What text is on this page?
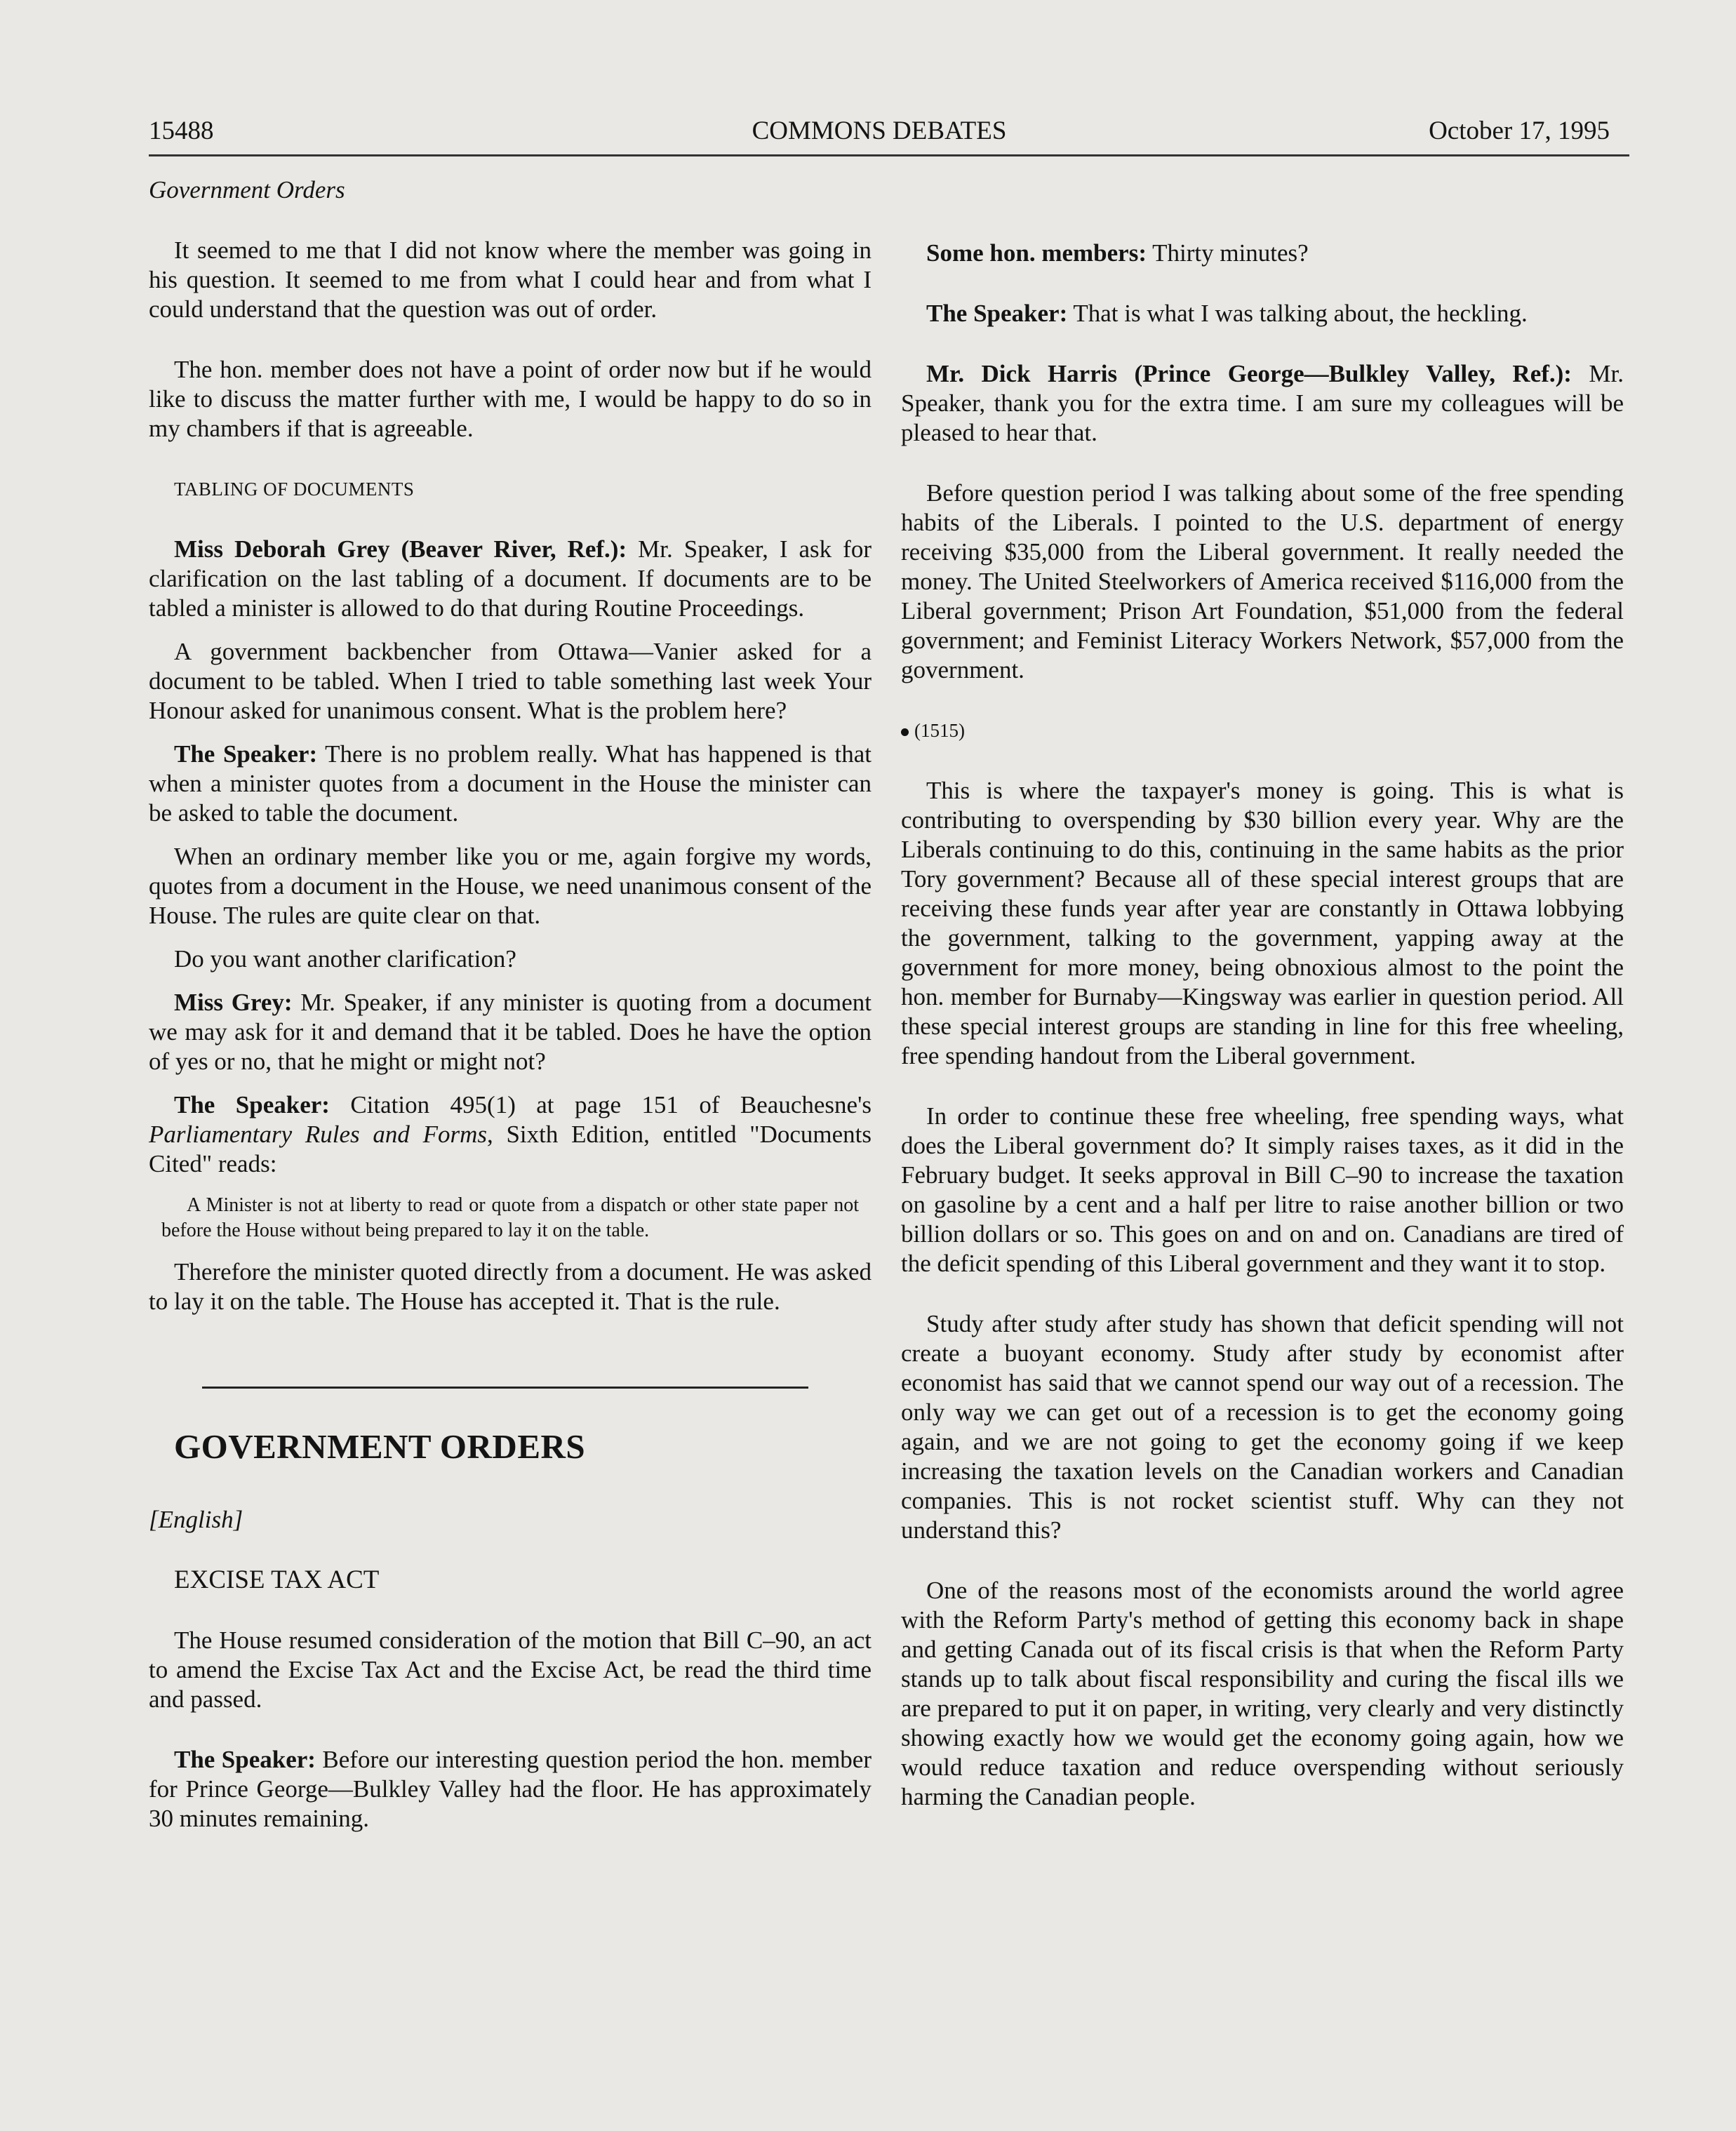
15488	COMMONS DEBATES	October 17, 1995

Government Orders

It seemed to me that I did not know where the member was going in his question. It seemed to me from what I could hear and from what I could understand that the question was out of order.

The hon. member does not have a point of order now but if he would like to discuss the matter further with me, I would be happy to do so in my chambers if that is agreeable.

TABLING OF DOCUMENTS

Miss Deborah Grey (Beaver River, Ref.): Mr. Speaker, I ask for clarification on the last tabling of a document. If documents are to be tabled a minister is allowed to do that during Routine Proceedings.

A government backbencher from Ottawa—Vanier asked for a document to be tabled. When I tried to table something last week Your Honour asked for unanimous consent. What is the problem here?

The Speaker: There is no problem really. What has happened is that when a minister quotes from a document in the House the minister can be asked to table the document.

When an ordinary member like you or me, again forgive my words, quotes from a document in the House, we need unanimous consent of the House. The rules are quite clear on that.

Do you want another clarification?

Miss Grey: Mr. Speaker, if any minister is quoting from a document we may ask for it and demand that it be tabled. Does he have the option of yes or no, that he might or might not?

The Speaker: Citation 495(1) at page 151 of Beauchesne's Parliamentary Rules and Forms, Sixth Edition, entitled "Documents Cited" reads:

A Minister is not at liberty to read or quote from a dispatch or other state paper not before the House without being prepared to lay it on the table.

Therefore the minister quoted directly from a document. He was asked to lay it on the table. The House has accepted it. That is the rule.

GOVERNMENT ORDERS

[English]

EXCISE TAX ACT

The House resumed consideration of the motion that Bill C–90, an act to amend the Excise Tax Act and the Excise Act, be read the third time and passed.

The Speaker: Before our interesting question period the hon. member for Prince George—Bulkley Valley had the floor. He has approximately 30 minutes remaining.

Some hon. members: Thirty minutes?

The Speaker: That is what I was talking about, the heckling.

Mr. Dick Harris (Prince George—Bulkley Valley, Ref.): Mr. Speaker, thank you for the extra time. I am sure my colleagues will be pleased to hear that.

Before question period I was talking about some of the free spending habits of the Liberals. I pointed to the U.S. department of energy receiving $35,000 from the Liberal government. It really needed the money. The United Steelworkers of America received $116,000 from the Liberal government; Prison Art Foundation, $51,000 from the federal government; and Feminist Literacy Workers Network, $57,000 from the government.

(1515)

This is where the taxpayer's money is going. This is what is contributing to overspending by $30 billion every year. Why are the Liberals continuing to do this, continuing in the same habits as the prior Tory government? Because all of these special interest groups that are receiving these funds year after year are constantly in Ottawa lobbying the government, talking to the government, yapping away at the government for more money, being obnoxious almost to the point the hon. member for Burnaby—Kingsway was earlier in question period. All these special interest groups are standing in line for this free wheeling, free spending handout from the Liberal government.

In order to continue these free wheeling, free spending ways, what does the Liberal government do? It simply raises taxes, as it did in the February budget. It seeks approval in Bill C–90 to increase the taxation on gasoline by a cent and a half per litre to raise another billion or two billion dollars or so. This goes on and on and on. Canadians are tired of the deficit spending of this Liberal government and they want it to stop.

Study after study after study has shown that deficit spending will not create a buoyant economy. Study after study by economist after economist has said that we cannot spend our way out of a recession. The only way we can get out of a recession is to get the economy going again, and we are not going to get the economy going if we keep increasing the taxation levels on the Canadian workers and Canadian companies. This is not rocket scientist stuff. Why can they not understand this?

One of the reasons most of the economists around the world agree with the Reform Party's method of getting this economy back in shape and getting Canada out of its fiscal crisis is that when the Reform Party stands up to talk about fiscal responsibility and curing the fiscal ills we are prepared to put it on paper, in writing, very clearly and very distinctly showing exactly how we would get the economy going again, how we would reduce taxation and reduce overspending without seriously harming the Canadian people.
